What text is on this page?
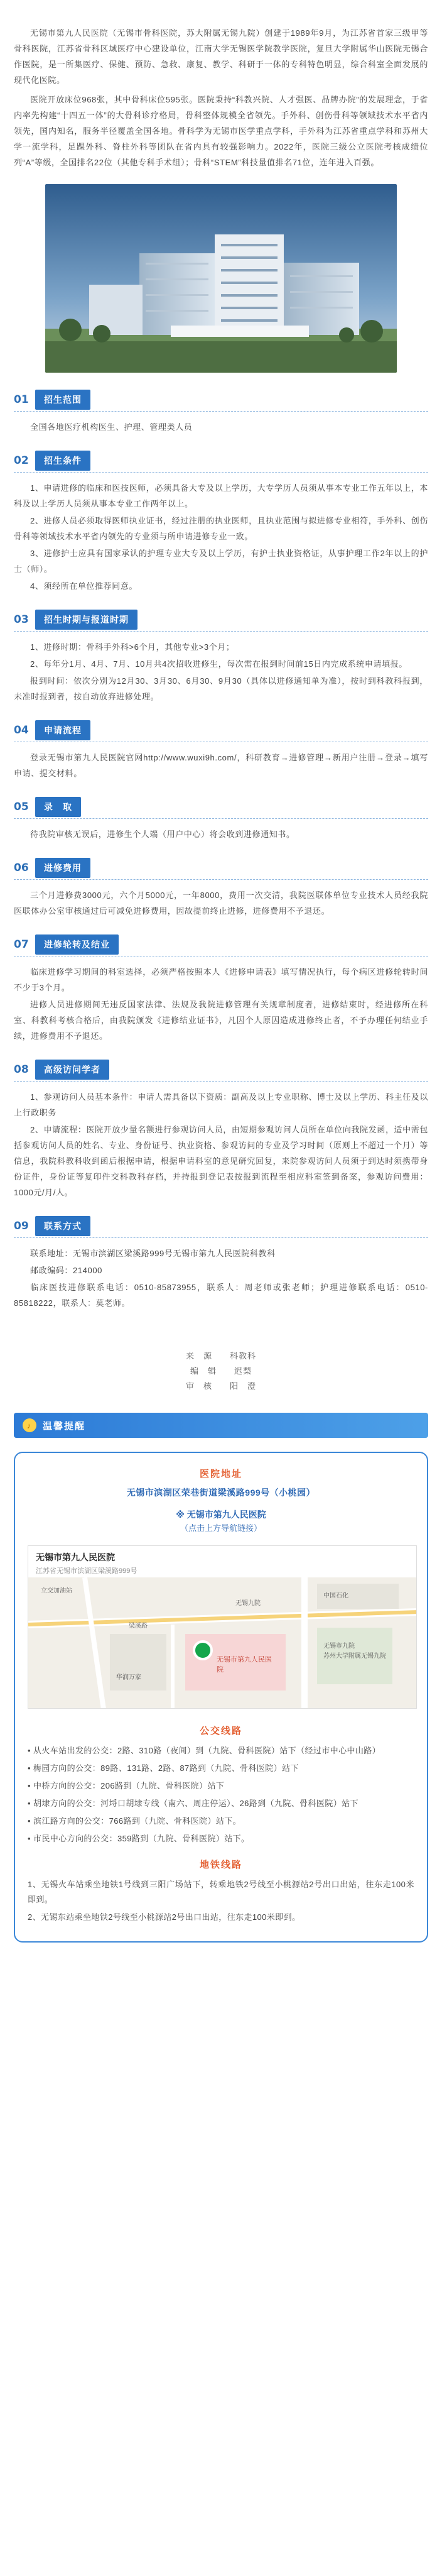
无锡市第九人民医院（无锡市骨科医院，苏大附属无锡九院）创建于1989年9月，为江苏省首家三级甲等骨科医院，江苏省骨科区域医疗中心建设单位，江南大学无锡医学院教学医院，复旦大学附属华山医院无锡合作医院，是一所集医疗、保健、预防、急救、康复、教学、科研于一体的专科特色明显，综合科室全面发展的现代化医院。

医院开放床位968张，其中骨科床位595张。医院秉持“科教兴院、人才强医、品牌办院”的发展理念，于省内率先构建“十四五一体”的大骨科诊疗格局，骨科整体规模全省领先。手外科、创伤骨科等领域技术水平省内领先，国内知名，服务半径覆盖全国各地。骨科学为无锡市医学重点学科，手外科为江苏省重点学科和苏州大学一流学科，足踝外科、脊柱外科等团队在省内具有较强影响力。2022年，医院三级公立医院考核成绩位列“A”等级，全国排名22位（其他专科手术组）；骨科“STEM”科技量值排名71位，连年进入百强。

01	招生范围

全国各地医疗机构医生、护理、管理类人员

02	招生条件

1、申请进修的临床和医技医师，必须具备大专及以上学历，大专学历人员须从事本专业工作五年以上，本科及以上学历人员须从事本专业工作两年以上。

2、进修人员必须取得医师执业证书，经过注册的执业医师，且执业范围与拟进修专业相符，手外科、创伤骨科等领域技术水平省内领先的专业须与所申请进修专业一致。

3、进修护士应具有国家承认的护理专业大专及以上学历，有护士执业资格证，从事护理工作2年以上的护士（师）。

4、须经所在单位推荐同意。

03	招生时期与报道时期

1、进修时期：骨科手外科>6个月，其他专业>3个月；

2、每年分1月、4月、7月、10月共4次招收进修生，每次需在报到时间前15日内完成系统申请填报。

报到时间：依次分别为12月30、3月30、6月30、9月30（具体以进修通知单为准），按时到科教科报到，未准时报到者，按自动放弃进修处理。

04	申请流程

登录无锡市第九人民医院官网http://www.wuxi9h.com/，科研教育→进修管理→新用户注册→登录→填写申请、提交材料。

05	录　取

待我院审核无误后，进修生个人端（用户中心）将会收到进修通知书。

06	进修费用

三个月进修费3000元，六个月5000元，一年8000，费用一次交清，我院医联体单位专业技术人员经我院医联体办公室审核通过后可减免进修费用，因故提前终止进修，进修费用不予退还。

07	进修轮转及结业

临床进修学习期间的科室选择，必须严格按照本人《进修申请表》填写情况执行，每个病区进修轮转时间不少于3个月。

进修人员进修期间无违反国家法律、法规及我院进修管理有关规章制度者，进修结束时，经进修所在科室、科教科考核合格后，由我院颁发《进修结业证书》，凡因个人原因造成进修终止者，不予办理任何结业手续，进修费用不予退还。

08	高级访问学者

1、参观访问人员基本条件：申请人需具备以下资质：副高及以上专业职称、博士及以上学历、科主任及以上行政职务

2、申请流程：医院开放少量名额进行参观访问人员，由短期参观访问人员所在单位向我院发函，适中需包括参观访问人员的姓名、专业、身份证号、执业资格、参观访问的专业及学习时间（原则上不超过一个月）等信息，我院科教科收到函后根据申请，根据申请科室的意见研究回复，来院参观访问人员须于到达时须携带身份证件，身份证等复印件交科教科存档，并持报到登记表按报到流程至相应科室签到备案，参观访问费用：1000元/月/人。

09	联系方式

联系地址：无锡市滨湖区梁溪路999号无锡市第九人民医院科教科

邮政编码：214000

临床医技进修联系电话：0510-85873955，联系人：周老师或张老师；护理进修联系电话：0510-85818222，联系人：莫老师。

来　源 科教科
编　辑 迟梨
审　核 阳　澄
♪	温馨提醒
医院地址
无锡市滨湖区荣巷街道梁溪路999号（小桃园）
※ 无锡市第九人民医院
（点击上方导航链接）
无锡市第九人民医院
江苏省无锡市滨湖区梁溪路999号
立交加油站
梁溪路
无锡市第九人民医院
无锡市九院
苏州大学附属无锡九院
中国石化
无锡九院
华润万家
公交线路
• 从火车站出发的公交：2路、310路（夜间）到（九院、骨科医院）站下（经过市中心中山路）
• 梅园方向的公交：89路、131路、2路、87路到（九院、骨科医院）站下
• 中桥方向的公交：206路到（九院、骨科医院）站下
• 胡埭方向的公交：河埒口胡埭专线（南六、周庄停运）、26路到（九院、骨科医院）站下
• 滨江路方向的公交：766路到（九院、骨科医院）站下。
• 市民中心方向的公交：359路到（九院、骨科医院）站下。
地铁线路
1、无锡火车站乘坐地铁1号线到三阳广场站下，转乘地铁2号线至小桃源站2号出口出站，往东走100米即到。
2、无锡东站乘坐地铁2号线至小桃源站2号出口出站，往东走100米即到。
